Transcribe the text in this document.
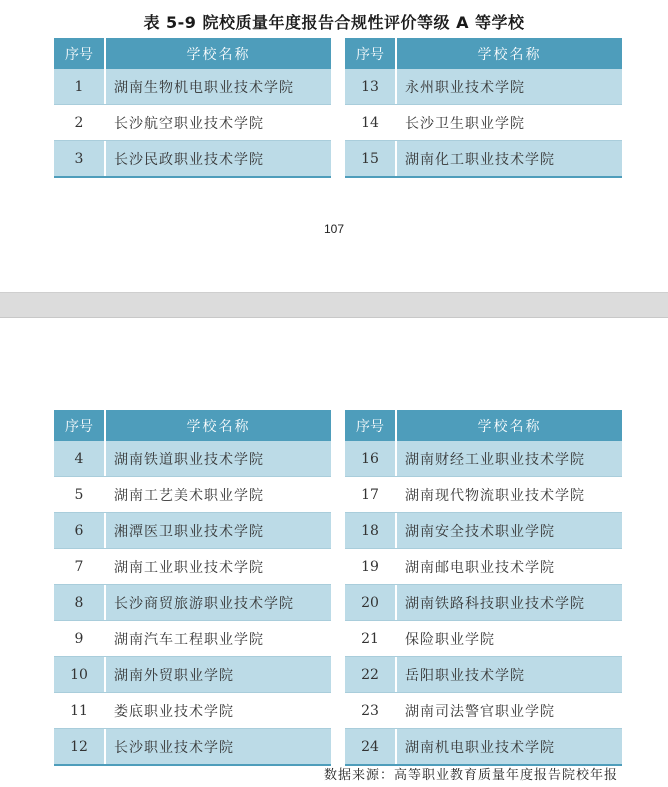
表 5-9 院校质量年度报告合规性评价等级 A 等学校
序号	学校名称
1	湖南生物机电职业技术学院
2	长沙航空职业技术学院
3	长沙民政职业技术学院
序号	学校名称
13	永州职业技术学院
14	长沙卫生职业学院
15	湖南化工职业技术学院
107
序号	学校名称
4	湖南铁道职业技术学院
5	湖南工艺美术职业学院
6	湘潭医卫职业技术学院
7	湖南工业职业技术学院
8	长沙商贸旅游职业技术学院
9	湖南汽车工程职业学院
10	湖南外贸职业学院
11	娄底职业技术学院
12	长沙职业技术学院
序号	学校名称
16	湖南财经工业职业技术学院
17	湖南现代物流职业技术学院
18	湖南安全技术职业学院
19	湖南邮电职业技术学院
20	湖南铁路科技职业技术学院
21	保险职业学院
22	岳阳职业技术学院
23	湖南司法警官职业学院
24	湖南机电职业技术学院
数据来源：高等职业教育质量年度报告院校年报
